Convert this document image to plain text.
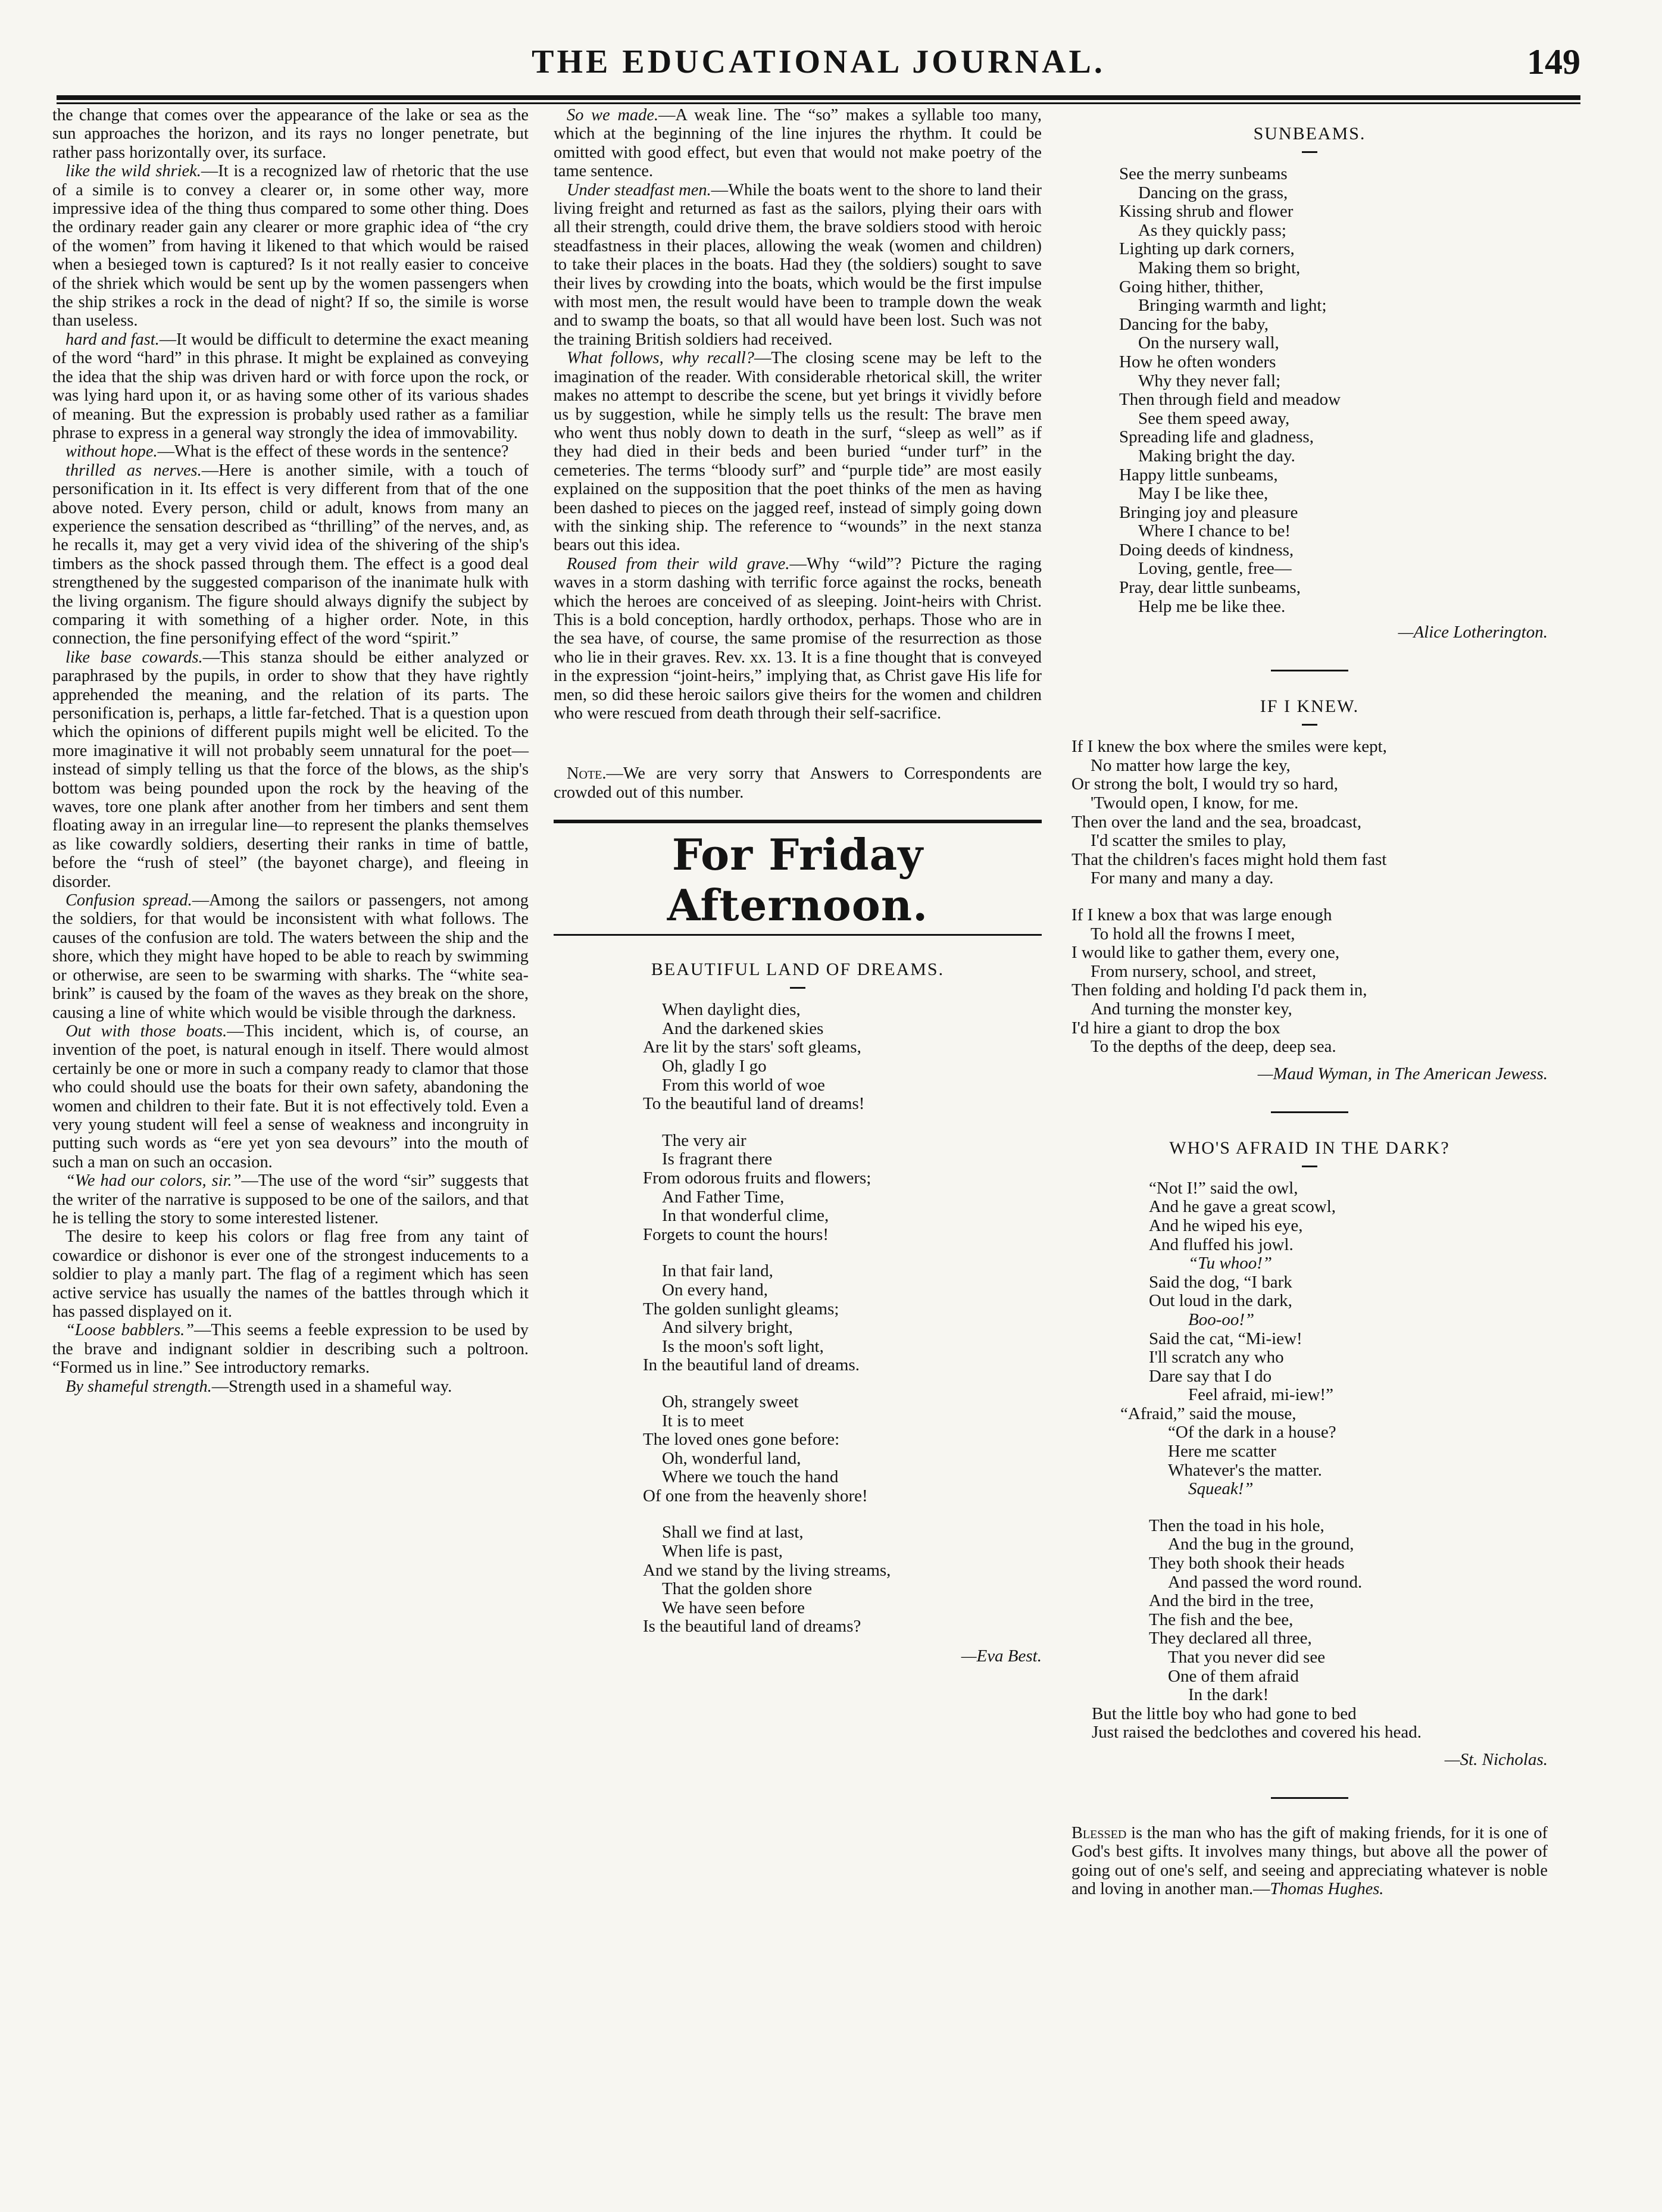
THE EDUCATIONAL JOURNAL.	149

the change that comes over the appearance of the lake or sea as the sun approaches the horizon, and its rays no longer penetrate, but rather pass horizontally over, its surface.

like the wild shriek.—It is a recognized law of rhetoric that the use of a simile is to convey a clearer or, in some other way, more impressive idea of the thing thus compared to some other thing. Does the ordinary reader gain any clearer or more graphic idea of “the cry of the women” from having it likened to that which would be raised when a besieged town is captured? Is it not really easier to conceive of the shriek which would be sent up by the women passengers when the ship strikes a rock in the dead of night? If so, the simile is worse than useless.

hard and fast.—It would be difficult to determine the exact meaning of the word “hard” in this phrase. It might be explained as conveying the idea that the ship was driven hard or with force upon the rock, or was lying hard upon it, or as having some other of its various shades of meaning. But the expression is probably used rather as a familiar phrase to express in a general way strongly the idea of immovability.

without hope.—What is the effect of these words in the sentence?

thrilled as nerves.—Here is another simile, with a touch of personification in it. Its effect is very different from that of the one above noted. Every person, child or adult, knows from many an experience the sensation described as “thrilling” of the nerves, and, as he recalls it, may get a very vivid idea of the shivering of the ship's timbers as the shock passed through them. The effect is a good deal strengthened by the suggested comparison of the inanimate hulk with the living organism. The figure should always dignify the subject by comparing it with something of a higher order. Note, in this connection, the fine personifying effect of the word “spirit.”

like base cowards.—This stanza should be either analyzed or paraphrased by the pupils, in order to show that they have rightly apprehended the meaning, and the relation of its parts. The personification is, perhaps, a little far-fetched. That is a question upon which the opinions of different pupils might well be elicited. To the more imaginative it will not probably seem unnatural for the poet—instead of simply telling us that the force of the blows, as the ship's bottom was being pounded upon the rock by the heaving of the waves, tore one plank after another from her timbers and sent them floating away in an irregular line—to represent the planks themselves as like cowardly soldiers, deserting their ranks in time of battle, before the “rush of steel” (the bayonet charge), and fleeing in disorder.

Confusion spread.—Among the sailors or passengers, not among the soldiers, for that would be inconsistent with what follows. The causes of the confusion are told. The waters between the ship and the shore, which they might have hoped to be able to reach by swimming or otherwise, are seen to be swarming with sharks. The “white sea-brink” is caused by the foam of the waves as they break on the shore, causing a line of white which would be visible through the darkness.

Out with those boats.—This incident, which is, of course, an invention of the poet, is natural enough in itself. There would almost certainly be one or more in such a company ready to clamor that those who could should use the boats for their own safety, abandoning the women and children to their fate. But it is not effectively told. Even a very young student will feel a sense of weakness and incongruity in putting such words as “ere yet yon sea devours” into the mouth of such a man on such an occasion.

“We had our colors, sir.”—The use of the word “sir” suggests that the writer of the narrative is supposed to be one of the sailors, and that he is telling the story to some interested listener.

The desire to keep his colors or flag free from any taint of cowardice or dishonor is ever one of the strongest inducements to a soldier to play a manly part. The flag of a regiment which has seen active service has usually the names of the battles through which it has passed displayed on it.

“Loose babblers.”—This seems a feeble expression to be used by the brave and indignant soldier in describing such a poltroon. “Formed us in line.” See introductory remarks.

By shameful strength.—Strength used in a shameful way.

So we made.—A weak line. The “so” makes a syllable too many, which at the beginning of the line injures the rhythm. It could be omitted with good effect, but even that would not make poetry of the tame sentence.

Under steadfast men.—While the boats went to the shore to land their living freight and returned as fast as the sailors, plying their oars with all their strength, could drive them, the brave soldiers stood with heroic steadfastness in their places, allowing the weak (women and children) to take their places in the boats. Had they (the soldiers) sought to save their lives by crowding into the boats, which would be the first impulse with most men, the result would have been to trample down the weak and to swamp the boats, so that all would have been lost. Such was not the training British soldiers had received.

What follows, why recall?—The closing scene may be left to the imagination of the reader. With considerable rhetorical skill, the writer makes no attempt to describe the scene, but yet brings it vividly before us by suggestion, while he simply tells us the result: The brave men who went thus nobly down to death in the surf, “sleep as well” as if they had died in their beds and been buried “under turf” in the cemeteries. The terms “bloody surf” and “purple tide” are most easily explained on the supposition that the poet thinks of the men as having been dashed to pieces on the jagged reef, instead of simply going down with the sinking ship. The reference to “wounds” in the next stanza bears out this idea.

Roused from their wild grave.—Why “wild”? Picture the raging waves in a storm dashing with terrific force against the rocks, beneath which the heroes are conceived of as sleeping. Joint-heirs with Christ. This is a bold conception, hardly orthodox, perhaps. Those who are in the sea have, of course, the same promise of the resurrection as those who lie in their graves. Rev. xx. 13. It is a fine thought that is conveyed in the expression “joint-heirs,” implying that, as Christ gave His life for men, so did these heroic sailors give theirs for the women and children who were rescued from death through their self-sacrifice.

Note.—We are very sorry that Answers to Correspondents are crowded out of this number.
For Friday Afternoon.

BEAUTIFUL LAND OF DREAMS.

When daylight dies,
And the darkened skies
Are lit by the stars' soft gleams,
Oh, gladly I go
From this world of woe
To the beautiful land of dreams!
The very air
Is fragrant there
From odorous fruits and flowers;
And Father Time,
In that wonderful clime,
Forgets to count the hours!
In that fair land,
On every hand,
The golden sunlight gleams;
And silvery bright,
Is the moon's soft light,
In the beautiful land of dreams.
Oh, strangely sweet
It is to meet
The loved ones gone before:
Oh, wonderful land,
Where we touch the hand
Of one from the heavenly shore!
Shall we find at last,
When life is past,
And we stand by the living streams,
That the golden shore
We have seen before
Is the beautiful land of dreams?
—Eva Best.

SUNBEAMS.

See the merry sunbeams
Dancing on the grass,
Kissing shrub and flower
As they quickly pass;
Lighting up dark corners,
Making them so bright,
Going hither, thither,
Bringing warmth and light;
Dancing for the baby,
On the nursery wall,
How he often wonders
Why they never fall;
Then through field and meadow
See them speed away,
Spreading life and gladness,
Making bright the day.
Happy little sunbeams,
May I be like thee,
Bringing joy and pleasure
Where I chance to be!
Doing deeds of kindness,
Loving, gentle, free—
Pray, dear little sunbeams,
Help me be like thee.
—Alice Lotherington.

IF I KNEW.

If I knew the box where the smiles were kept,
No matter how large the key,
Or strong the bolt, I would try so hard,
'Twould open, I know, for me.
Then over the land and the sea, broadcast,
I'd scatter the smiles to play,
That the children's faces might hold them fast
For many and many a day.
If I knew a box that was large enough
To hold all the frowns I meet,
I would like to gather them, every one,
From nursery, school, and street,
Then folding and holding I'd pack them in,
And turning the monster key,
I'd hire a giant to drop the box
To the depths of the deep, deep sea.
—Maud Wyman, in The American Jewess.

WHO'S AFRAID IN THE DARK?

“Not I!” said the owl,
And he gave a great scowl,
And he wiped his eye,
And fluffed his jowl.
“Tu whoo!”
Said the dog, “I bark
Out loud in the dark,
Boo-oo!”
Said the cat, “Mi-iew!
I'll scratch any who
Dare say that I do
Feel afraid, mi-iew!”
“Afraid,” said the mouse,
“Of the dark in a house?
Here me scatter
Whatever's the matter.
Squeak!”
Then the toad in his hole,
And the bug in the ground,
They both shook their heads
And passed the word round.
And the bird in the tree,
The fish and the bee,
They declared all three,
That you never did see
One of them afraid
In the dark!
But the little boy who had gone to bed
Just raised the bedclothes and covered his head.
—St. Nicholas.
Blessed is the man who has the gift of making friends, for it is one of God's best gifts. It involves many things, but above all the power of going out of one's self, and seeing and appreciating whatever is noble and loving in another man.—Thomas Hughes.
